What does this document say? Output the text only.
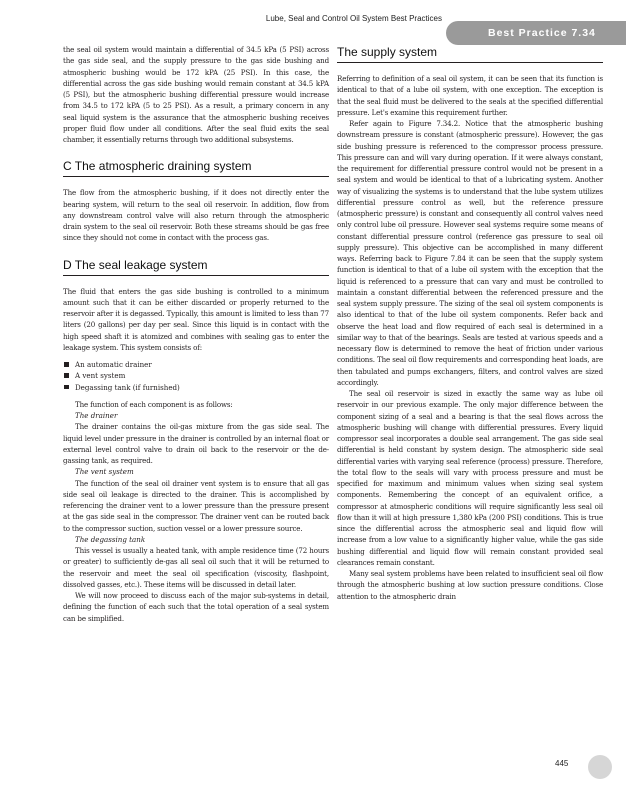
Lube, Seal and Control Oil System Best Practices
Best Practice 7.34

the seal oil system would maintain a differential of 34.5 kPa (5 PSI) across the gas side seal, and the supply pressure to the gas side bushing and atmospheric bushing would be 172 kPA (25 PSI). In this case, the differential across the gas side bushing would remain constant at 34.5 kPA (5 PSI), but the atmospheric bushing differential pressure would increase from 34.5 to 172 kPA (5 to 25 PSI). As a result, a primary concern in any seal liquid system is the assurance that the atmospheric bushing receives proper fluid flow under all conditions. After the seal fluid exits the seal chamber, it essentially returns through two additional subsystems.

C The atmospheric draining system

The flow from the atmospheric bushing, if it does not directly enter the bearing system, will return to the seal oil reservoir. In addition, flow from any downstream control valve will also return through the atmospheric drain system to the seal oil reservoir. Both these streams should be gas free since they should not come in contact with the process gas.

D The seal leakage system

The fluid that enters the gas side bushing is controlled to a minimum amount such that it can be either discarded or properly returned to the reservoir after it is degassed. Typically, this amount is limited to less than 77 liters (20 gallons) per day per seal. Since this liquid is in contact with the high speed shaft it is atomized and combines with sealing gas to enter the leakage system. This system consists of:

An automatic drainer
A vent system
Degassing tank (if furnished)

The function of each component is as follows:

The drainer

The drainer contains the oil-gas mixture from the gas side seal. The liquid level under pressure in the drainer is controlled by an internal float or external level control valve to drain oil back to the reservoir or the de-gassing tank, as required.

The vent system

The function of the seal oil drainer vent system is to ensure that all gas side seal oil leakage is directed to the drainer. This is accomplished by referencing the drainer vent to a lower pressure than the pressure present at the gas side seal in the compressor. The drainer vent can be routed back to the compressor suction, suction vessel or a lower pressure source.

The degassing tank

This vessel is usually a heated tank, with ample residence time (72 hours or greater) to sufficiently de-gas all seal oil such that it will be returned to the reservoir and meet the seal oil specification (viscosity, flashpoint, dissolved gasses, etc.). These items will be discussed in detail later.

We will now proceed to discuss each of the major sub-systems in detail, defining the function of each such that the total operation of a seal system can be simplified.

The supply system

Referring to definition of a seal oil system, it can be seen that its function is identical to that of a lube oil system, with one exception. The exception is that the seal fluid must be delivered to the seals at the specified differential pressure. Let's examine this requirement further.

Refer again to Figure 7.34.2. Notice that the atmospheric bushing downstream pressure is constant (atmospheric pressure). However, the gas side bushing pressure is referenced to the compressor process pressure. This pressure can and will vary during operation. If it were always constant, the requirement for differential pressure control would not be present in a seal system and would be identical to that of a lubricating system. Another way of visualizing the systems is to understand that the lube system utilizes differential pressure control as well, but the reference pressure (atmospheric pressure) is constant and consequently all control valves need only control lube oil pressure. However seal systems require some means of constant differential pressure control (reference gas pressure to seal oil supply pressure). This objective can be accomplished in many different ways. Referring back to Figure 7.84 it can be seen that the supply system function is identical to that of a lube oil system with the exception that the liquid is referenced to a pressure that can vary and must be controlled to maintain a constant differential between the referenced pressure and the seal system supply pressure. The sizing of the seal oil system components is also identical to that of the lube oil system components. Refer back and observe the heat load and flow required of each seal is determined in a similar way to that of the bearings. Seals are tested at various speeds and a necessary flow is determined to remove the heat of friction under various conditions. The seal oil flow requirements and corresponding heat loads, are then tabulated and pumps exchangers, filters, and control valves are sized accordingly.

The seal oil reservoir is sized in exactly the same way as lube oil reservoir in our previous example. The only major difference between the component sizing of a seal and a bearing is that the seal flows across the atmospheric bushing will change with differential pressures. Every liquid compressor seal incorporates a double seal arrangement. The gas side seal differential is held constant by system design. The atmospheric side seal differential varies with varying seal reference (process) pressure. Therefore, the total flow to the seals will vary with process pressure and must be specified for maximum and minimum values when sizing seal system components. Remembering the concept of an equivalent orifice, a compressor at atmospheric conditions will require significantly less seal oil flow than it will at high pressure 1,380 kPa (200 PSI) conditions. This is true since the differential across the atmospheric seal and liquid flow will increase from a low value to a significantly higher value, while the gas side bushing differential and liquid flow will remain constant provided seal clearances remain constant.

Many seal system problems have been related to insufficient seal oil flow through the atmospheric bushing at low suction pressure conditions. Close attention to the atmospheric drain

445
